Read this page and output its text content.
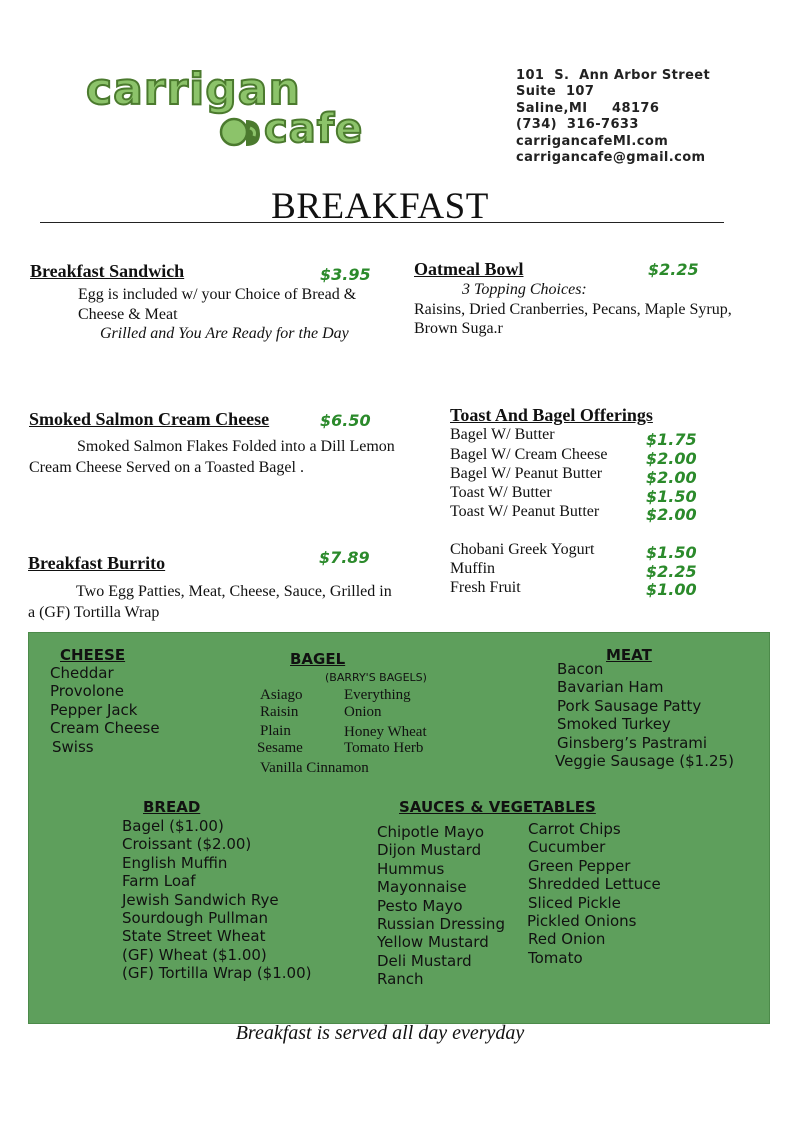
carrigan
cafe
101  S.  Ann Arbor Street
Suite  107
Saline,MI     48176
(734)  316-7633
carrigancafeMI.com
carrigancafe@gmail.com
BREAKFAST
Breakfast Sandwich	$3.95
Egg is included w/ your Choice of Bread &
Cheese & Meat
Grilled and You Are Ready for the Day
Oatmeal Bowl	$2.25
3 Topping Choices:
Raisins, Dried Cranberries, Pecans, Maple Syrup,
Brown Suga.r
Smoked Salmon Cream Cheese	$6.50
Smoked Salmon Flakes Folded into a Dill Lemon
Cream Cheese Served on a Toasted Bagel .
Breakfast Burrito	$7.89
Two Egg Patties, Meat, Cheese, Sauce, Grilled in
a (GF) Tortilla Wrap
Toast And Bagel Offerings
Bagel W/ Butter	$1.75
Bagel W/ Cream Cheese $2.00
Bagel W/ Peanut Butter	$2.00
Toast W/ Butter	$1.50
Toast W/ Peanut Butter	$2.00
Chobani Greek Yogurt	$1.50
Muffin	$2.25
Fresh Fruit	$1.00
CHEESE
Cheddar
Provolone
Pepper Jack
Cream Cheese
Swiss
BAGEL
(BARRY'S BAGELS)
Asiago
Raisin
Plain
Sesame
Everything
Onion
Honey Wheat
Tomato Herb
Vanilla Cinnamon
MEAT
Bacon
Bavarian Ham
Pork Sausage Patty
Smoked Turkey
Ginsberg’s Pastrami
Veggie Sausage ($1.25)
BREAD
Bagel ($1.00)
Croissant ($2.00)
English Muffin
Farm Loaf
Jewish Sandwich Rye
Sourdough Pullman
State Street Wheat
(GF) Wheat ($1.00)
(GF) Tortilla Wrap ($1.00)
SAUCES & VEGETABLES
Chipotle Mayo
Dijon Mustard
Hummus
Mayonnaise
Pesto Mayo
Russian Dressing
Yellow Mustard
Deli Mustard
Ranch
Carrot Chips
Cucumber
Green Pepper
Shredded Lettuce
Sliced Pickle
Pickled Onions
Red Onion
Tomato
Breakfast is served all day everyday
